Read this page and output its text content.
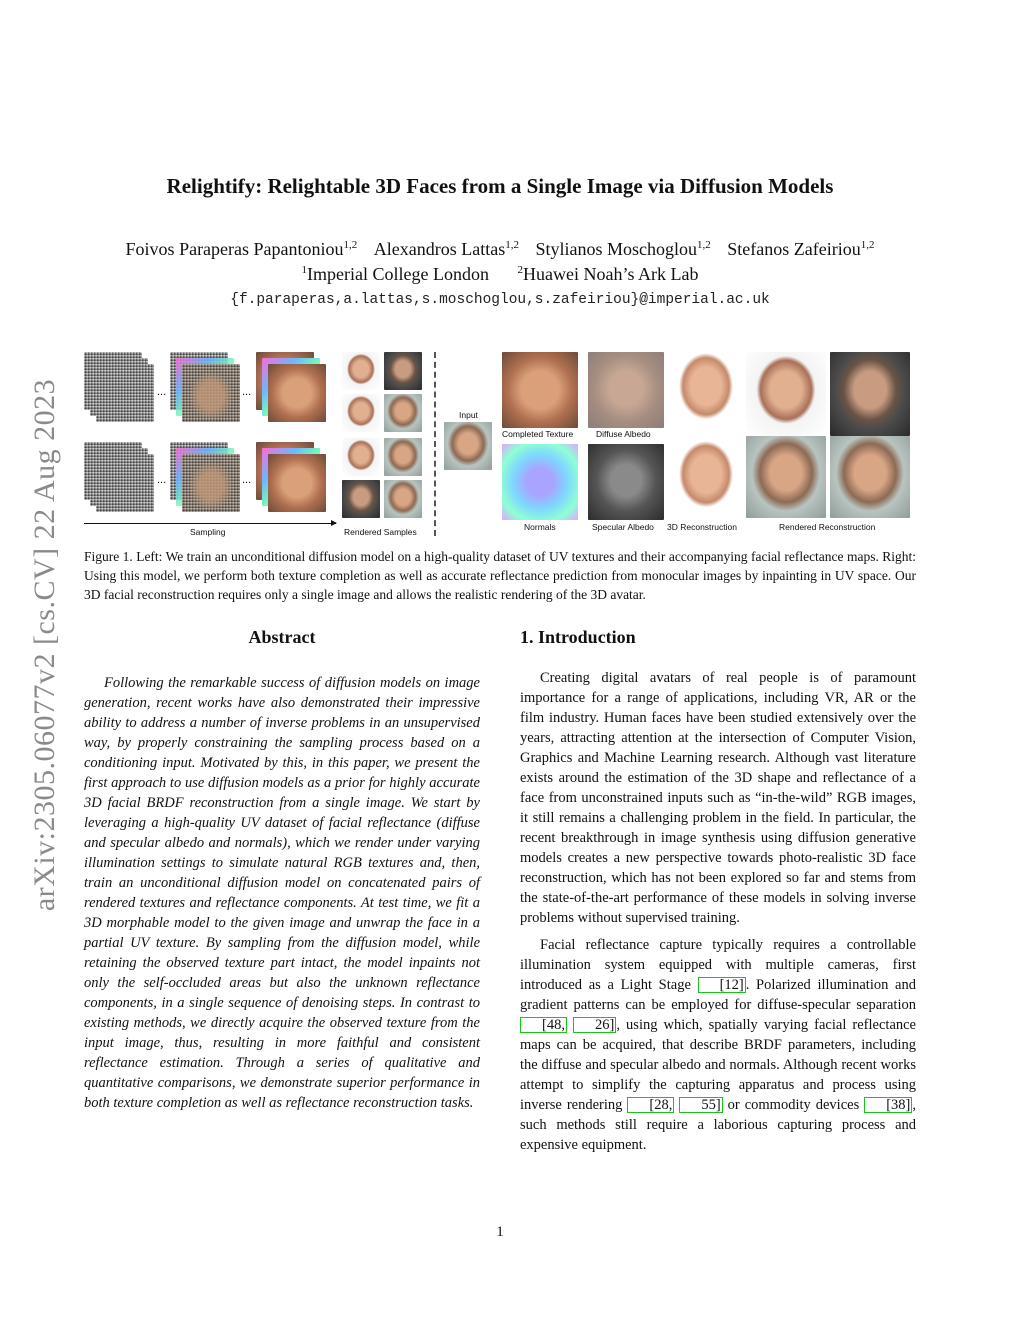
arXiv:2305.06077v2 [cs.CV] 22 Aug 2023
Relightify: Relightable 3D Faces from a Single Image via Diffusion Models
Foivos Paraperas Papantoniou$^{1,2}$ Alexandros Lattas$^{1,2}$ Stylianos Moschoglou$^{1,2}$ Stefanos Zafeiriou$^{1,2}$
$^1$Imperial College London	$^2$Huawei Noah’s Ark Lab
{f.paraperas,a.lattas,s.moschoglou,s.zafeiriou}@imperial.ac.uk
...	...
...	...
Sampling	Rendered Samples
Input
Completed Texture
Normals
Diffuse Albedo
Specular Albedo 3D Reconstruction	Rendered Reconstruction
Figure 1. Left: We train an unconditional diffusion model on a high-quality dataset of UV textures and their accompanying facial reflectance maps. Right: Using this model, we perform both texture completion as well as accurate reflectance prediction from monocular images by inpainting in UV space. Our 3D facial reconstruction requires only a single image and allows the realistic rendering of the 3D avatar.
Abstract
Following the remarkable success of diffusion models on image generation, recent works have also demonstrated their impressive ability to address a number of inverse problems in an unsupervised way, by properly constraining the sampling process based on a conditioning input. Motivated by this, in this paper, we present the first approach to use diffusion models as a prior for highly accurate 3D facial BRDF reconstruction from a single image. We start by leveraging a high-quality UV dataset of facial reflectance (diffuse and specular albedo and normals), which we render under varying illumination settings to simulate natural RGB textures and, then, train an unconditional diffusion model on concatenated pairs of rendered textures and reflectance components. At test time, we fit a 3D morphable model to the given image and unwrap the face in a partial UV texture. By sampling from the diffusion model, while retaining the observed texture part intact, the model inpaints not only the self-occluded areas but also the unknown reflectance components, in a single sequence of denoising steps. In contrast to existing methods, we directly acquire the observed texture from the input image, thus, resulting in more faithful and consistent reflectance estimation. Through a series of qualitative and quantitative comparisons, we demonstrate superior performance in both texture completion as well as reflectance reconstruction tasks.
1. Introduction

Creating digital avatars of real people is of paramount importance for a range of applications, including VR, AR or the film industry. Human faces have been studied extensively over the years, attracting attention at the intersection of Computer Vision, Graphics and Machine Learning research. Although vast literature exists around the estimation of the 3D shape and reflectance of a face from unconstrained inputs such as “in-the-wild” RGB images, it still remains a challenging problem in the field. In particular, the recent breakthrough in image synthesis using diffusion generative models creates a new perspective towards photo-realistic 3D face reconstruction, which has not been explored so far and stems from the state-of-the-art performance of these models in solving inverse problems without supervised training.

Facial reflectance capture typically requires a controllable illumination system equipped with multiple cameras, first introduced as a Light Stage [12] . Polarized illumination and gradient patterns can be employed for diffuse-specular separation [48, 26] , using which, spatially varying facial reflectance maps can be acquired, that describe BRDF parameters, including the diffuse and specular albedo and normals. Although recent works attempt to simplify the capturing apparatus and process using inverse rendering [28, 55] or commodity devices [38] , such methods still require a laborious capturing process and expensive equipment.

1
